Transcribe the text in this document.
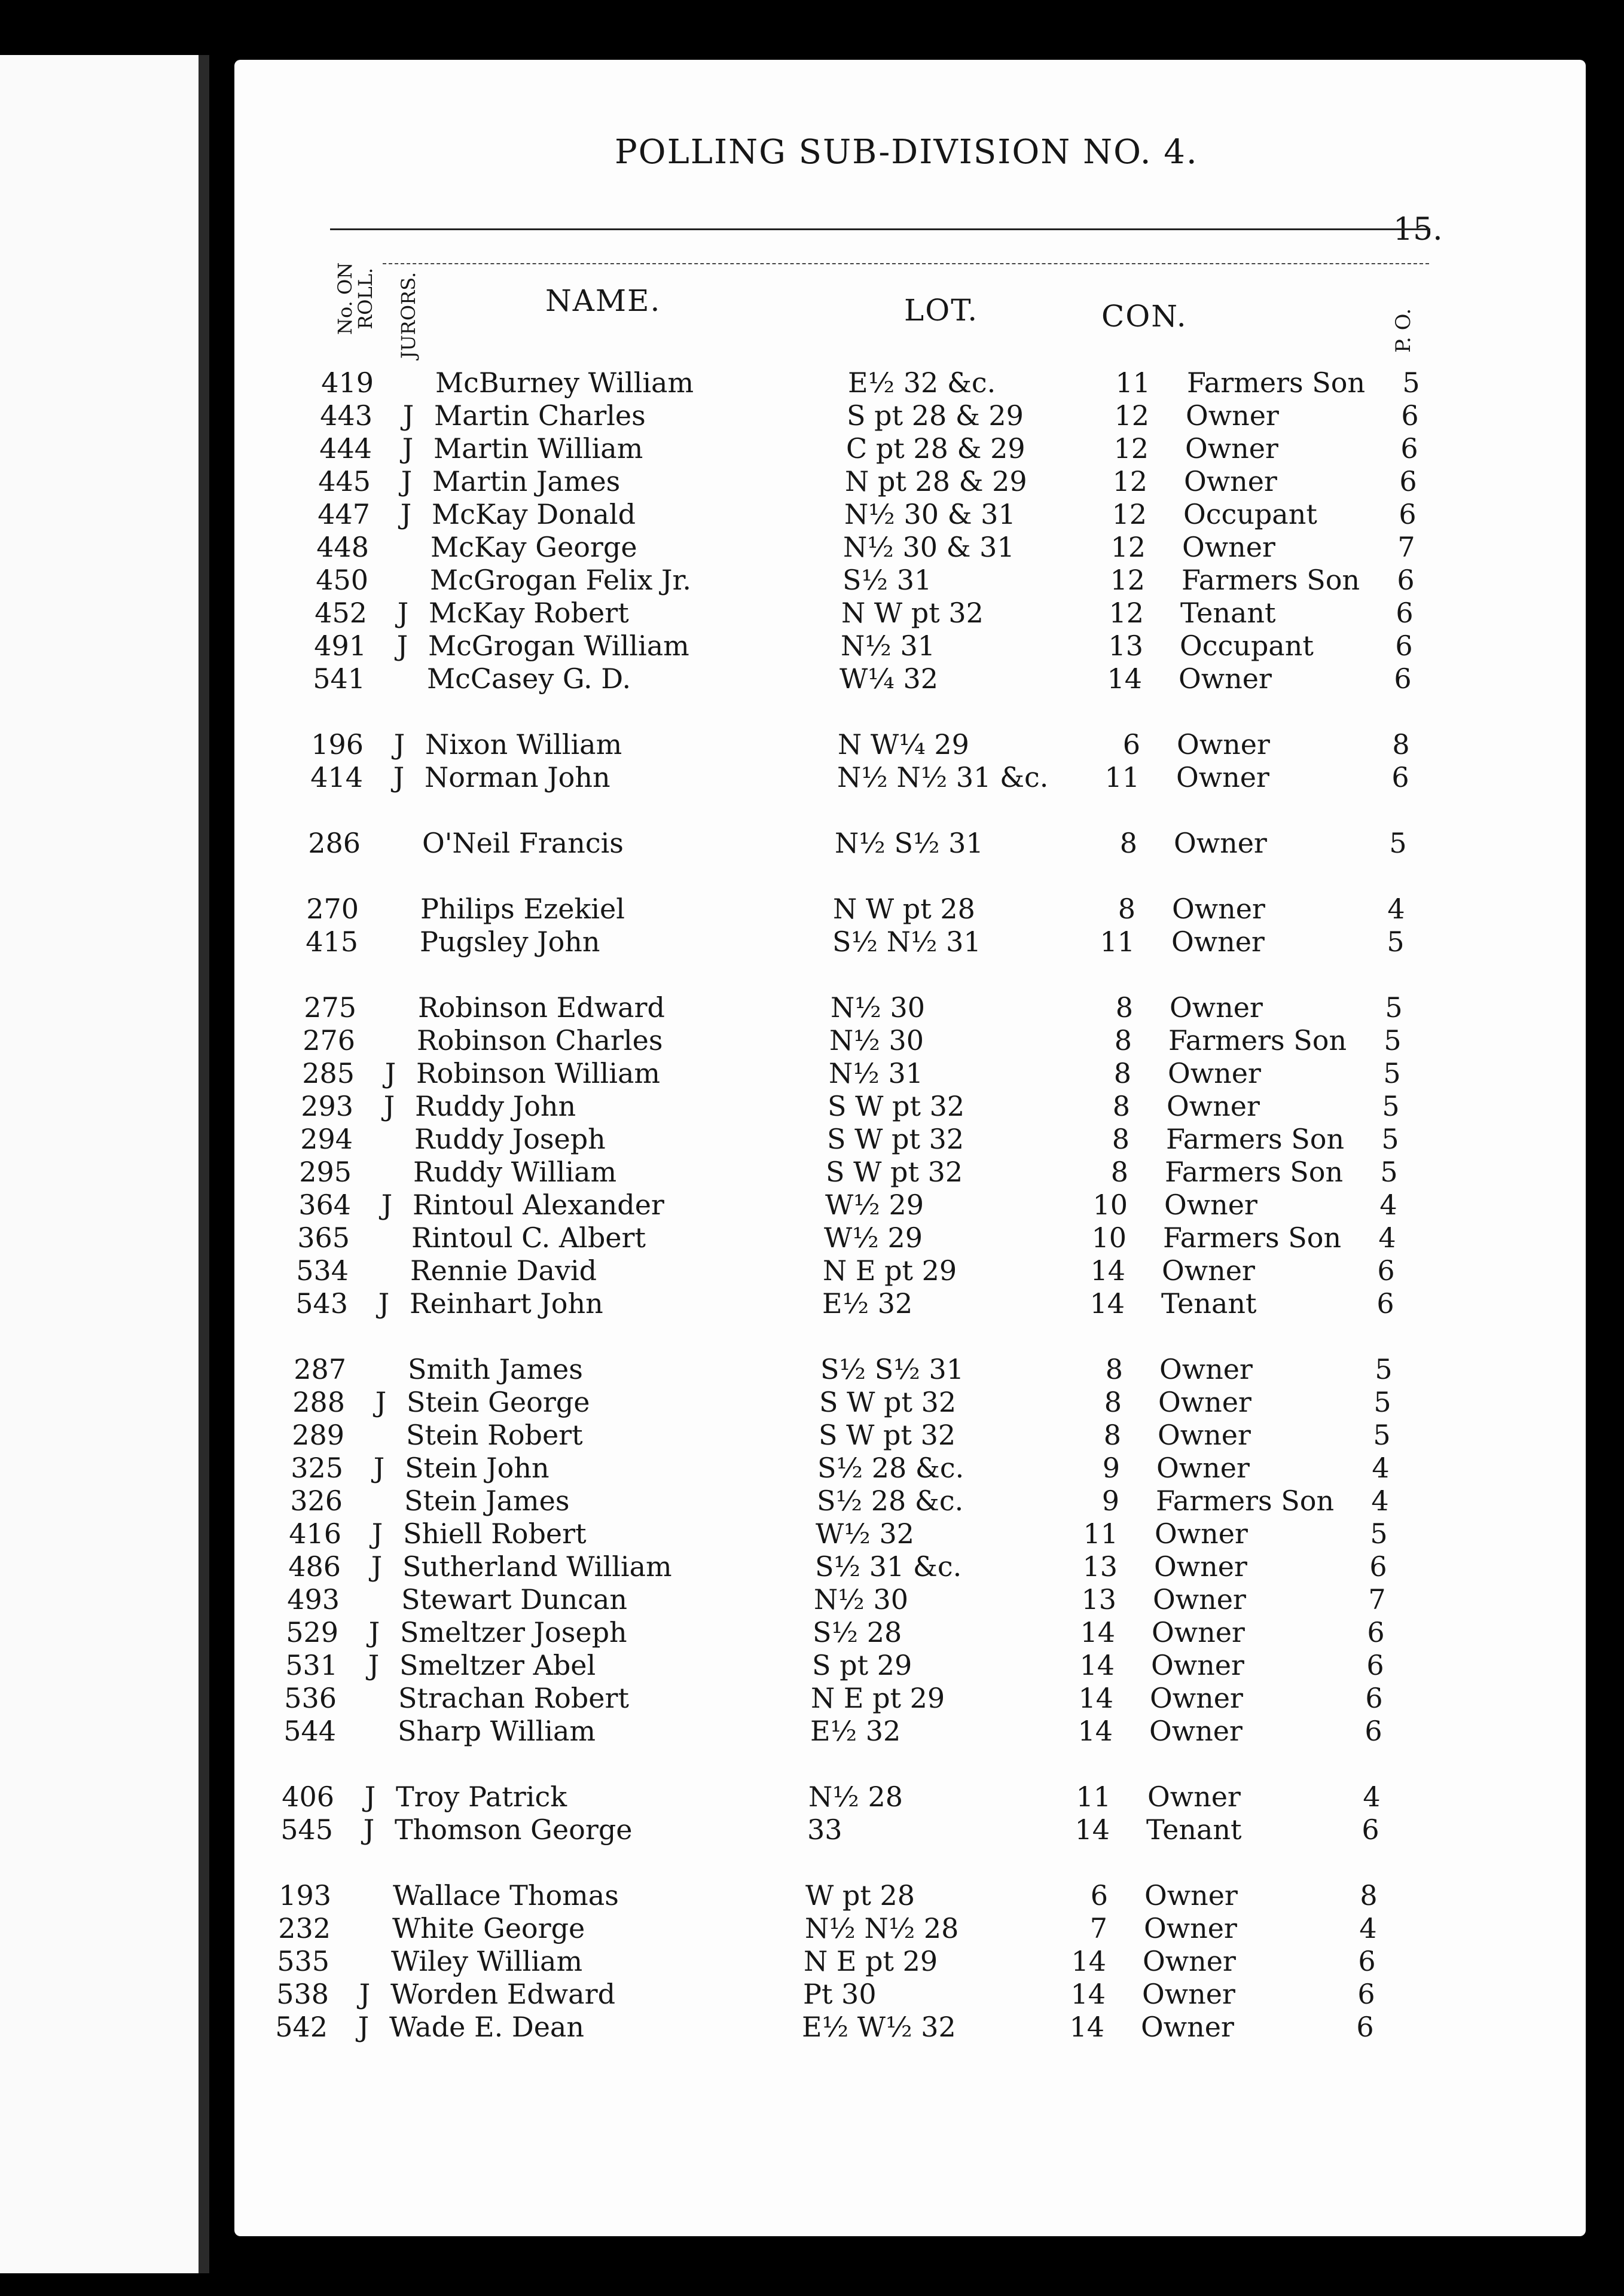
POLLING SUB-DIVISION NO. 4.
15.
No. ON
ROLL. JURORS.	P. O.
NAME.	LOT.	CON.
419 McBurney William	E½ 32 &c.	11 Farmers Son 5
443 J Martin Charles	S pt 28 & 29	12 Owner	6
444 J Martin William	C pt 28 & 29	12 Owner	6
445 J Martin James	N pt 28 & 29	12 Owner	6
447 J McKay Donald	N½ 30 & 31	12 Occupant	6
448 McKay George	N½ 30 & 31	12 Owner	7
450 McGrogan Felix Jr.	S½ 31	12 Farmers Son 6
452 J McKay Robert	N W pt 32	12 Tenant	6
491 J McGrogan William	N½ 31	13 Occupant	6
541 McCasey G. D.	W¼ 32	14 Owner	6
196 J Nixon William	N W¼ 29	6 Owner	8
414 J Norman John	N½ N½ 31 &c.	11 Owner	6
286 O'Neil Francis	N½ S½ 31	8 Owner	5
270 Philips Ezekiel	N W pt 28	8 Owner	4
415 Pugsley John	S½ N½ 31	11 Owner	5
275 Robinson Edward	N½ 30	8 Owner	5
276 Robinson Charles	N½ 30	8 Farmers Son 5
285 J Robinson William	N½ 31	8 Owner	5
293 J Ruddy John	S W pt 32	8 Owner	5
294 Ruddy Joseph	S W pt 32	8 Farmers Son 5
295 Ruddy William	S W pt 32	8 Farmers Son 5
364 J Rintoul Alexander	W½ 29	10 Owner	4
365 Rintoul C. Albert	W½ 29	10 Farmers Son 4
534 Rennie David	N E pt 29	14 Owner	6
543 J Reinhart John	E½ 32	14 Tenant	6
287 Smith James	S½ S½ 31	8 Owner	5
288 J Stein George	S W pt 32	8 Owner	5
289 Stein Robert	S W pt 32	8 Owner	5
325 J Stein John	S½ 28 &c.	9 Owner	4
326 Stein James	S½ 28 &c.	9 Farmers Son 4
416 J Shiell Robert	W½ 32	11 Owner	5
486 J Sutherland William	S½ 31 &c.	13 Owner	6
493 Stewart Duncan	N½ 30	13 Owner	7
529 J Smeltzer Joseph	S½ 28	14 Owner	6
531 J Smeltzer Abel	S pt 29	14 Owner	6
536 Strachan Robert	N E pt 29	14 Owner	6
544 Sharp William	E½ 32	14 Owner	6
406 J Troy Patrick	N½ 28	11 Owner	4
545 J Thomson George	33	14 Tenant	6
193 Wallace Thomas	W pt 28	6 Owner	8
232 White George	N½ N½ 28	7 Owner	4
535 Wiley William	N E pt 29	14 Owner	6
538 J Worden Edward	Pt 30	14 Owner	6
542 J Wade E. Dean	E½ W½ 32	14 Owner	6
